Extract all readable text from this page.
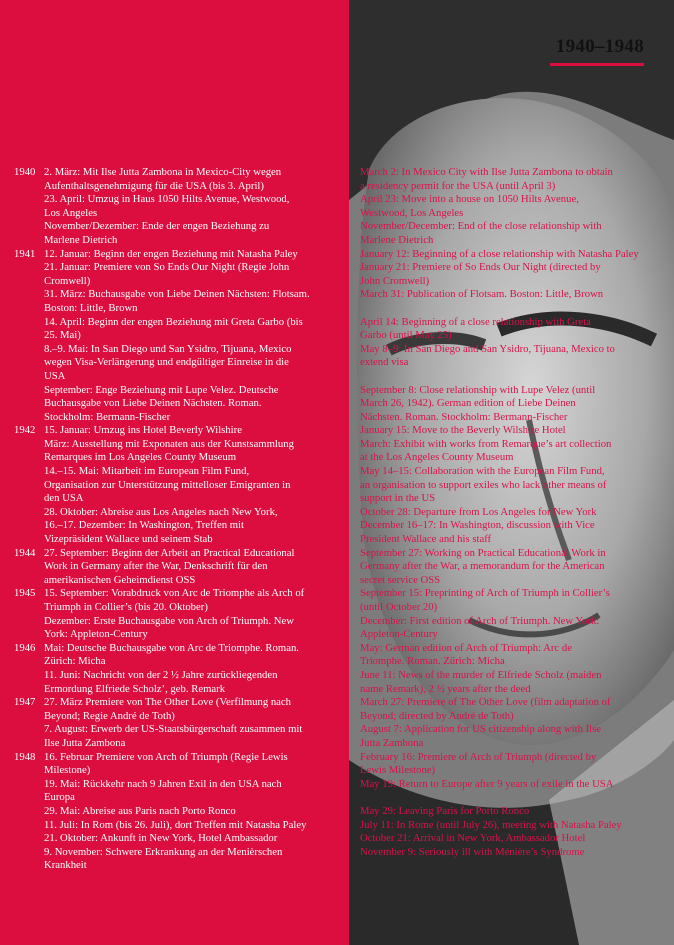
1940–1948
1940 2. März: Mit Ilse Jutta Zambona in Mexico-City wegen
Aufenthaltsgenehmigung für die USA (bis 3. April)
23. April: Umzug in Haus 1050 Hilts Avenue, Westwood,
Los Angeles
November/Dezember: Ende der engen Beziehung zu
Marlene Dietrich
1941 12. Januar: Beginn der engen Beziehung mit Natasha Paley
21. Januar: Premiere von So Ends Our Night (Regie John
Cromwell)
31. März: Buchausgabe von Liebe Deinen Nächsten: Flotsam.
Boston: Little, Brown
14. April: Beginn der engen Beziehung mit Greta Garbo (bis
25. Mai)
8.–9. Mai: In San Diego und San Ysidro, Tijuana, Mexico
wegen Visa-Verlängerung und endgültiger Einreise in die
USA
September: Enge Beziehung mit Lupe Velez. Deutsche
Buchausgabe von Liebe Deinen Nächsten. Roman.
Stockholm: Bermann-Fischer
1942 15. Januar: Umzug ins Hotel Beverly Wilshire
März: Ausstellung mit Exponaten aus der Kunstsammlung
Remarques im Los Angeles County Museum
14.–15. Mai: Mitarbeit im European Film Fund,
Organisation zur Unterstützung mittelloser Emigranten in
den USA
28. Oktober: Abreise aus Los Angeles nach New York,
16.–17. Dezember: In Washington, Treffen mit
Vizepräsident Wallace und seinem Stab
1944 27. September: Beginn der Arbeit an Practical Educational
Work in Germany after the War, Denkschrift für den
amerikanischen Geheimdienst OSS
1945 15. September: Vorabdruck von Arc de Triomphe als Arch of
Triumph in Collier’s (bis 20. Oktober)
Dezember: Erste Buchausgabe von Arch of Triumph. New
York: Appleton-Century
1946 Mai: Deutsche Buchausgabe von Arc de Triomphe. Roman.
Zürich: Micha
11. Juni: Nachricht von der 2 ½ Jahre zurückliegenden
Ermordung Elfriede Scholz’, geb. Remark
1947 27. März Premiere von The Other Love (Verfilmung nach
Beyond; Regie André de Toth)
7. August: Erwerb der US-Staatsbürgerschaft zusammen mit
Ilse Jutta Zambona
1948 16. Februar Premiere von Arch of Triumph (Regie Lewis
Milestone)
19. Mai: Rückkehr nach 9 Jahren Exil in den USA nach
Europa
29. Mai: Abreise aus Paris nach Porto Ronco
11. Juli: In Rom (bis 26. Juli), dort Treffen mit Natasha Paley
21. Oktober: Ankunft in New York, Hotel Ambassador
9. November: Schwere Erkrankung an der Menièrschen
Krankheit
March 2: In Mexico City with Ilse Jutta Zambona to obtain
a residency permit for the USA (until April 3)
April 23: Move into a house on 1050 Hilts Avenue,
Westwood, Los Angeles
November/December: End of the close relationship with
Marlene Dietrich
January 12: Beginning of a close relationship with Natasha Paley
January 21: Premiere of So Ends Our Night (directed by
John Cromwell)
March 31: Publication of Flotsam. Boston: Little, Brown
April 14: Beginning of a close relationship with Greta
Garbo (until May 25)
May 8–9: In San Diego and San Ysidro, Tijuana, Mexico to
extend visa
September 8: Close relationship with Lupe Velez (until
March 26, 1942). German edition of Liebe Deinen
Nächsten. Roman. Stockholm: Bermann-Fischer
January 15: Move to the Beverly Wilshire Hotel
March: Exhibit with works from Remarque’s art collection
at the Los Angeles County Museum
May 14–15: Collaboration with the European Film Fund,
an organisation to support exiles who lack other means of
support in the US
October 28: Departure from Los Angeles for New York
December 16–17: In Washington, discussion with Vice
President Wallace and his staff
September 27: Working on Practical Educational Work in
Germany after the War, a memorandum for the American
secret service OSS
September 15: Preprinting of Arch of Triumph in Collier’s
(until October 20)
December: First edition of Arch of Triumph. New York:
Appleton-Century
May: German edition of Arch of Triumph: Arc de
Triomphe. Roman. Zürich: Micha
June 11: News of the murder of Elfriede Scholz (maiden
name Remark), 2 ½ years after the deed
March 27: Premiere of The Other Love (film adaptation of
Beyond; directed by André de Toth)
August 7: Application for US citizenship along with Ilse
Jutta Zambona
February 16: Premiere of Arch of Triumph (directed by
Lewis Milestone)
May 19: Return to Europe after 9 years of exile in the USA
May 29: Leaving Paris for Porto Ronco
July 11: In Rome (until July 26), meeting with Natasha Paley
October 21: Arrival in New York, Ambassador Hotel
November 9: Seriously ill with Ménière’s Syndrome
